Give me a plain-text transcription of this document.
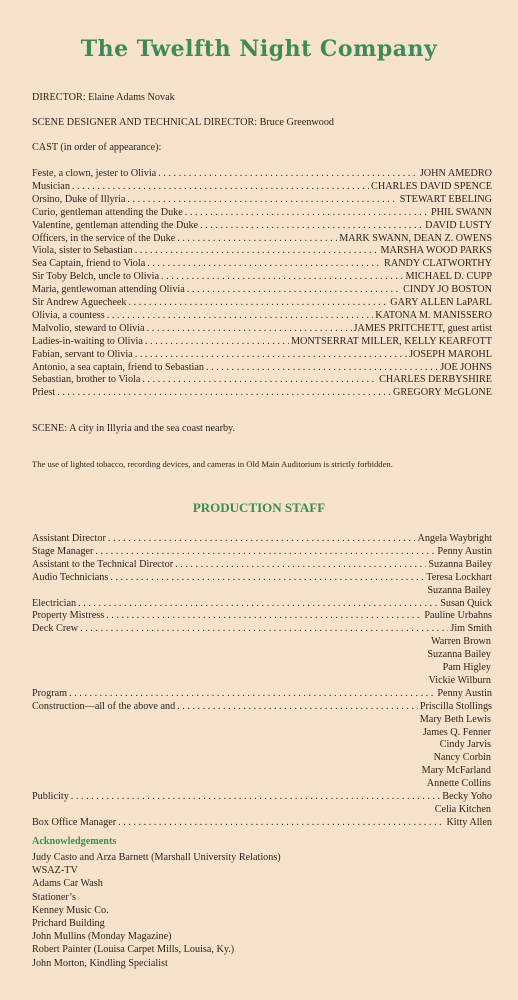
The Twelfth Night Company
DIRECTOR: Elaine Adams Novak
SCENE DESIGNER AND TECHNICAL DIRECTOR: Bruce Greenwood
CAST (in order of appearance):
Feste, a clown, jester to Olivia . . .	JOHN AMEDRO
Musician . . .	CHARLES DAVID SPENCE
Orsino, Duke of Illyria . . .	STEWART EBELING
Curio, gentleman attending the Duke . . .	PHIL SWANN
Valentine, gentleman attending the Duke . . .	DAVID LUSTY
Officers, in the service of the Duke . . .	MARK SWANN, DEAN Z. OWENS
Viola, sister to Sebastian . . .	MARSHA WOOD PARKS
Sea Captain, friend to Viola . . .	RANDY CLATWORTHY
Sir Toby Belch, uncle to Olivia . . .	MICHAEL D. CUPP
Maria, gentlewoman attending Olivia . . .	CINDY JO BOSTON
Sir Andrew Aguecheek . . .	GARY ALLEN LaPARL
Olivia, a countess . . .	KATONA M. MANISSERO
Malvolio, steward to Olivia . . .	JAMES PRITCHETT, guest artist
Ladies-in-waiting to Olivia . . .	MONTSERRAT MILLER, KELLY KEARFOTT
Fabian, servant to Olivia . . .	JOSEPH MAROHL
Antonio, a sea captain, friend to Sebastian . . .	JOE JOHNS
Sebastian, brother to Viola . . .	CHARLES DERBYSHIRE
Priest . . .	GREGORY McGLONE
SCENE: A city in Illyria and the sea coast nearby.
The use of lighted tobacco, recording devices, and cameras in Old Main Auditorium is strictly forbidden.
PRODUCTION STAFF
Assistant Director . . .	Angela Waybright
Stage Manager . . .	Penny Austin
Assistant to the Technical Director . . .	Suzanna Bailey
Audio Technicians . . .	Teresa Lockhart
Suzanna Bailey
Electrician . . .	Susan Quick
Property Mistress . . .	Pauline Urbahns
Deck Crew . . .	Jim Smith
Warren Brown
Suzanna Bailey
Pam Higley
Vickie Wilburn
Program . . .	Penny Austin
Construction—all of the above and . . .	Priscilla Stollings
Mary Beth Lewis
James Q. Fenner
Cindy Jarvis
Nancy Corbin
Mary McFarland
Annette Collins
Publicity . . .	Becky Yoho
Celia Kitchen
Box Office Manager . . .	Kitty Allen
Acknowledgements
Judy Casto and Arza Barnett (Marshall University Relations)
WSAZ-TV
Adams Car Wash
Stationer’s
Kenney Music Co.
Prichard Building
John Mullins (Monday Magazine)
Robert Painter (Louisa Carpet Mills, Louisa, Ky.)
John Morton, Kindling Specialist
